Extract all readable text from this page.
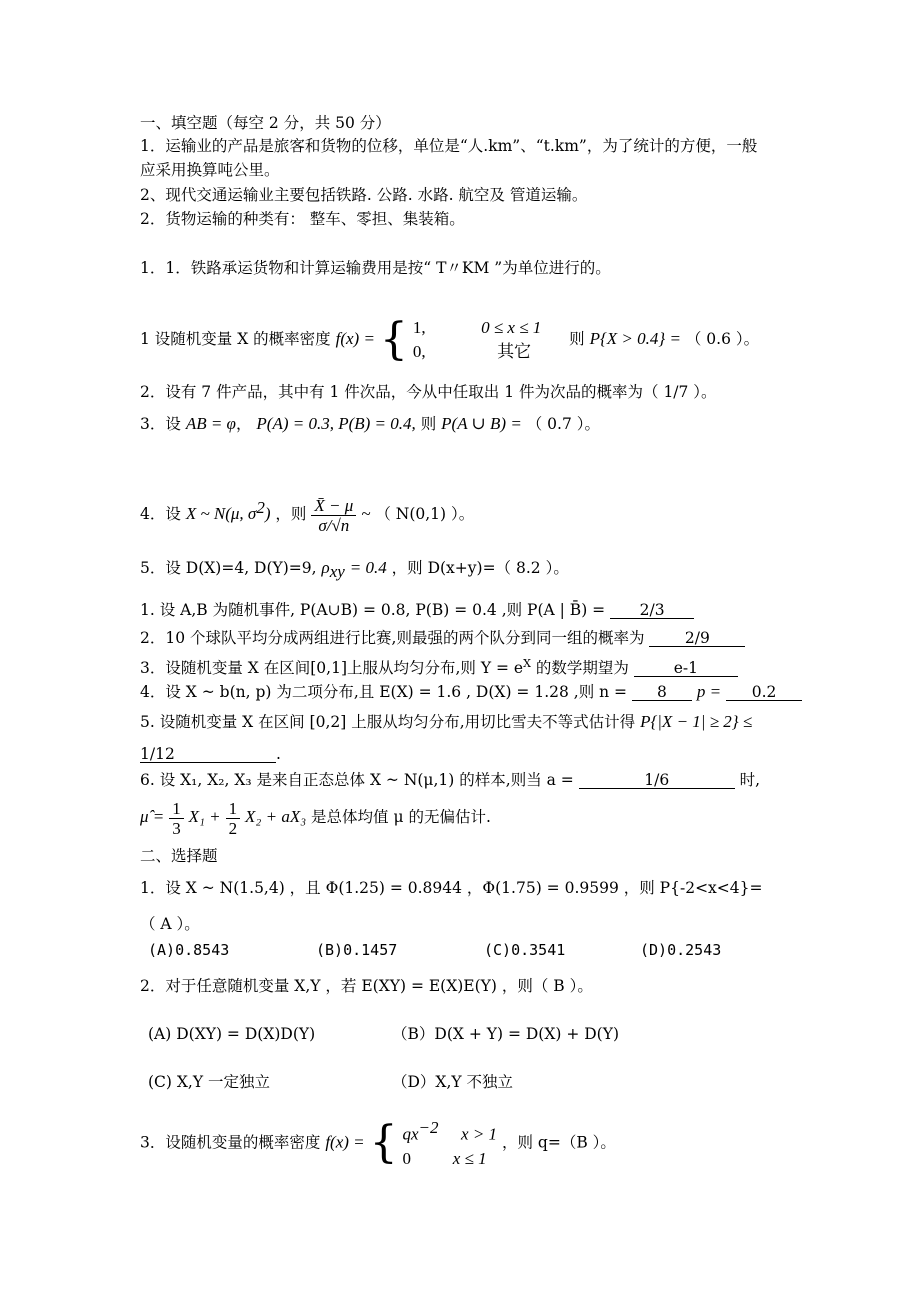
一、填空题（每空 2 分，共 50 分）
1．运输业的产品是旅客和货物的位移，单位是“人.km”、“t.km”，为了统计的方便，一般
应采用换算吨公里。
2、现代交通运输业主要包括铁路. 公路. 水路. 航空及 管道运输。
2．货物运输的种类有： 整车、零担、集装箱。
1．1．铁路承运货物和计算运输费用是按“ T〃KM ”为单位进行的。
1 设随机变量 X 的概率密度 f(x) = { 1,	0 ≤ x ≤ 1
0,	其它
则 P{X > 0.4} = （ 0.6 ）。
2．设有 7 件产品，其中有 1 件次品，今从中任取出 1 件为次品的概率为（ 1/7 ）。
3．设 AB = φ， P(A) = 0.3, P(B) = 0.4, 则 P(A ∪ B) = （ 0.7 ）。
4．设 X ~ N(μ, $\sigma^2$) ，则 $\frac{X̄ - \mu}{\sigma/√n}$ ~ （ N(0,1) ）。
5．设 D(X)=4, D(Y)=9, $\rho_{xy} = 0.4$ ，则 D(x+y)=（ 8.2 ）。
1. 设 A,B 为随机事件, P(A∪B) = 0.8, P(B) = 0.4 ,则 P(A | B̄) = 2/3
2．10 个球队平均分成两组进行比赛,则最强的两个队分到同一组的概率为	2/9
3．设随机变量 X 在区间[0,1]上服从均匀分布,则 $Y = e^X$ 的数学期望为	e-1
4．设 X ~ b(n, p) 为二项分布,且 E(X) = 1.6 , D(X) = 1.28 ,则 n = 8 p = 0.2
5. 设随机变量 X 在区间 [0,2] 上服从均匀分布,用切比雪夫不等式估计得 P{|X − 1| ≥ 2} ≤
1/12	.
6. 设 X₁, X₂, X₃ 是来自正态总体 X ~ N(μ,1) 的样本,则当 a =	1/6	时,
μ̂ = $\frac{1}{3} X_1 + \frac{1}{2} X_2 + aX_3$ 是总体均值 μ 的无偏估计.
二、选择题
1．设 X ~ N(1.5,4) ，且 Φ(1.25) = 0.8944 ，Φ(1.75) = 0.9599 ，则 P{-2<x<4}=
（ A ）。
(A)0.8543	(B)0.1457	(C)0.3541	(D)0.2543
2．对于任意随机变量 X,Y ，若 E(XY) = E(X)E(Y) ，则（ B ）。
(A) D(XY) = D(X)D(Y)	（B）D(X + Y) = D(X) + D(Y)
(C) X,Y 一定独立	（D）X,Y 不独立
3．设随机变量的概率密度 f(x) = { $qx^{-2}$ x > 1
0 x ≤ 1
，则 q=（B ）。
